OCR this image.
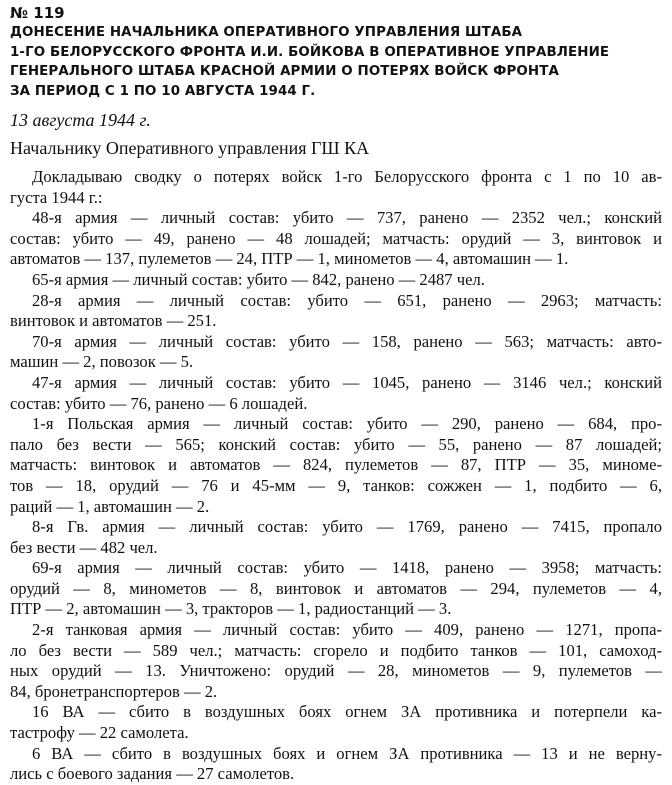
№ 119
ДОНЕСЕНИЕ НАЧАЛЬНИКА ОПЕРАТИВНОГО УПРАВЛЕНИЯ ШТАБА
1-ГО БЕЛОРУССКОГО ФРОНТА И.И. БОЙКОВА В ОПЕРАТИВНОЕ УПРАВЛЕНИЕ
ГЕНЕРАЛЬНОГО ШТАБА КРАСНОЙ АРМИИ О ПОТЕРЯХ ВОЙСК ФРОНТА
ЗА ПЕРИОД С 1 ПО 10 АВГУСТА 1944 Г.
13 августа 1944 г.
Начальнику Оперативного управления ГШ КА
Докладываю сводку о потерях войск 1-го Белорусского фронта с 1 по 10 ав-
густа 1944 г.:
48-я армия — личный состав: убито — 737, ранено — 2352 чел.; конский
состав: убито — 49, ранено — 48 лошадей; матчасть: орудий — 3, винтовок и
автоматов — 137, пулеметов — 24, ПТР — 1, минометов — 4, автомашин — 1.
65-я армия — личный состав: убито — 842, ранено — 2487 чел.
28-я армия — личный состав: убито — 651, ранено — 2963; матчасть:
винтовок и автоматов — 251.
70-я армия — личный состав: убито — 158, ранено — 563; матчасть: авто-
машин — 2, повозок — 5.
47-я армия — личный состав: убито — 1045, ранено — 3146 чел.; конский
состав: убито — 76, ранено — 6 лошадей.
1-я Польская армия — личный состав: убито — 290, ранено — 684, про-
пало без вести — 565; конский состав: убито — 55, ранено — 87 лошадей;
матчасть: винтовок и автоматов — 824, пулеметов — 87, ПТР — 35, миноме-
тов — 18, орудий — 76 и 45-мм — 9, танков: сожжен — 1, подбито — 6,
раций — 1, автомашин — 2.
8-я Гв. армия — личный состав: убито — 1769, ранено — 7415, пропало
без вести — 482 чел.
69-я армия — личный состав: убито — 1418, ранено — 3958; матчасть:
орудий — 8, минометов — 8, винтовок и автоматов — 294, пулеметов — 4,
ПТР — 2, автомашин — 3, тракторов — 1, радиостанций — 3.
2-я танковая армия — личный состав: убито — 409, ранено — 1271, пропа-
ло без вести — 589 чел.; матчасть: сгорело и подбито танков — 101, самоход-
ных орудий — 13. Уничтожено: орудий — 28, минометов — 9, пулеметов —
84, бронетранспортеров — 2.
16 ВА — сбито в воздушных боях огнем ЗА противника и потерпели ка-
тастрофу — 22 самолета.
6 ВА — сбито в воздушных боях и огнем ЗА противника — 13 и не верну-
лись с боевого задания — 27 самолетов.
